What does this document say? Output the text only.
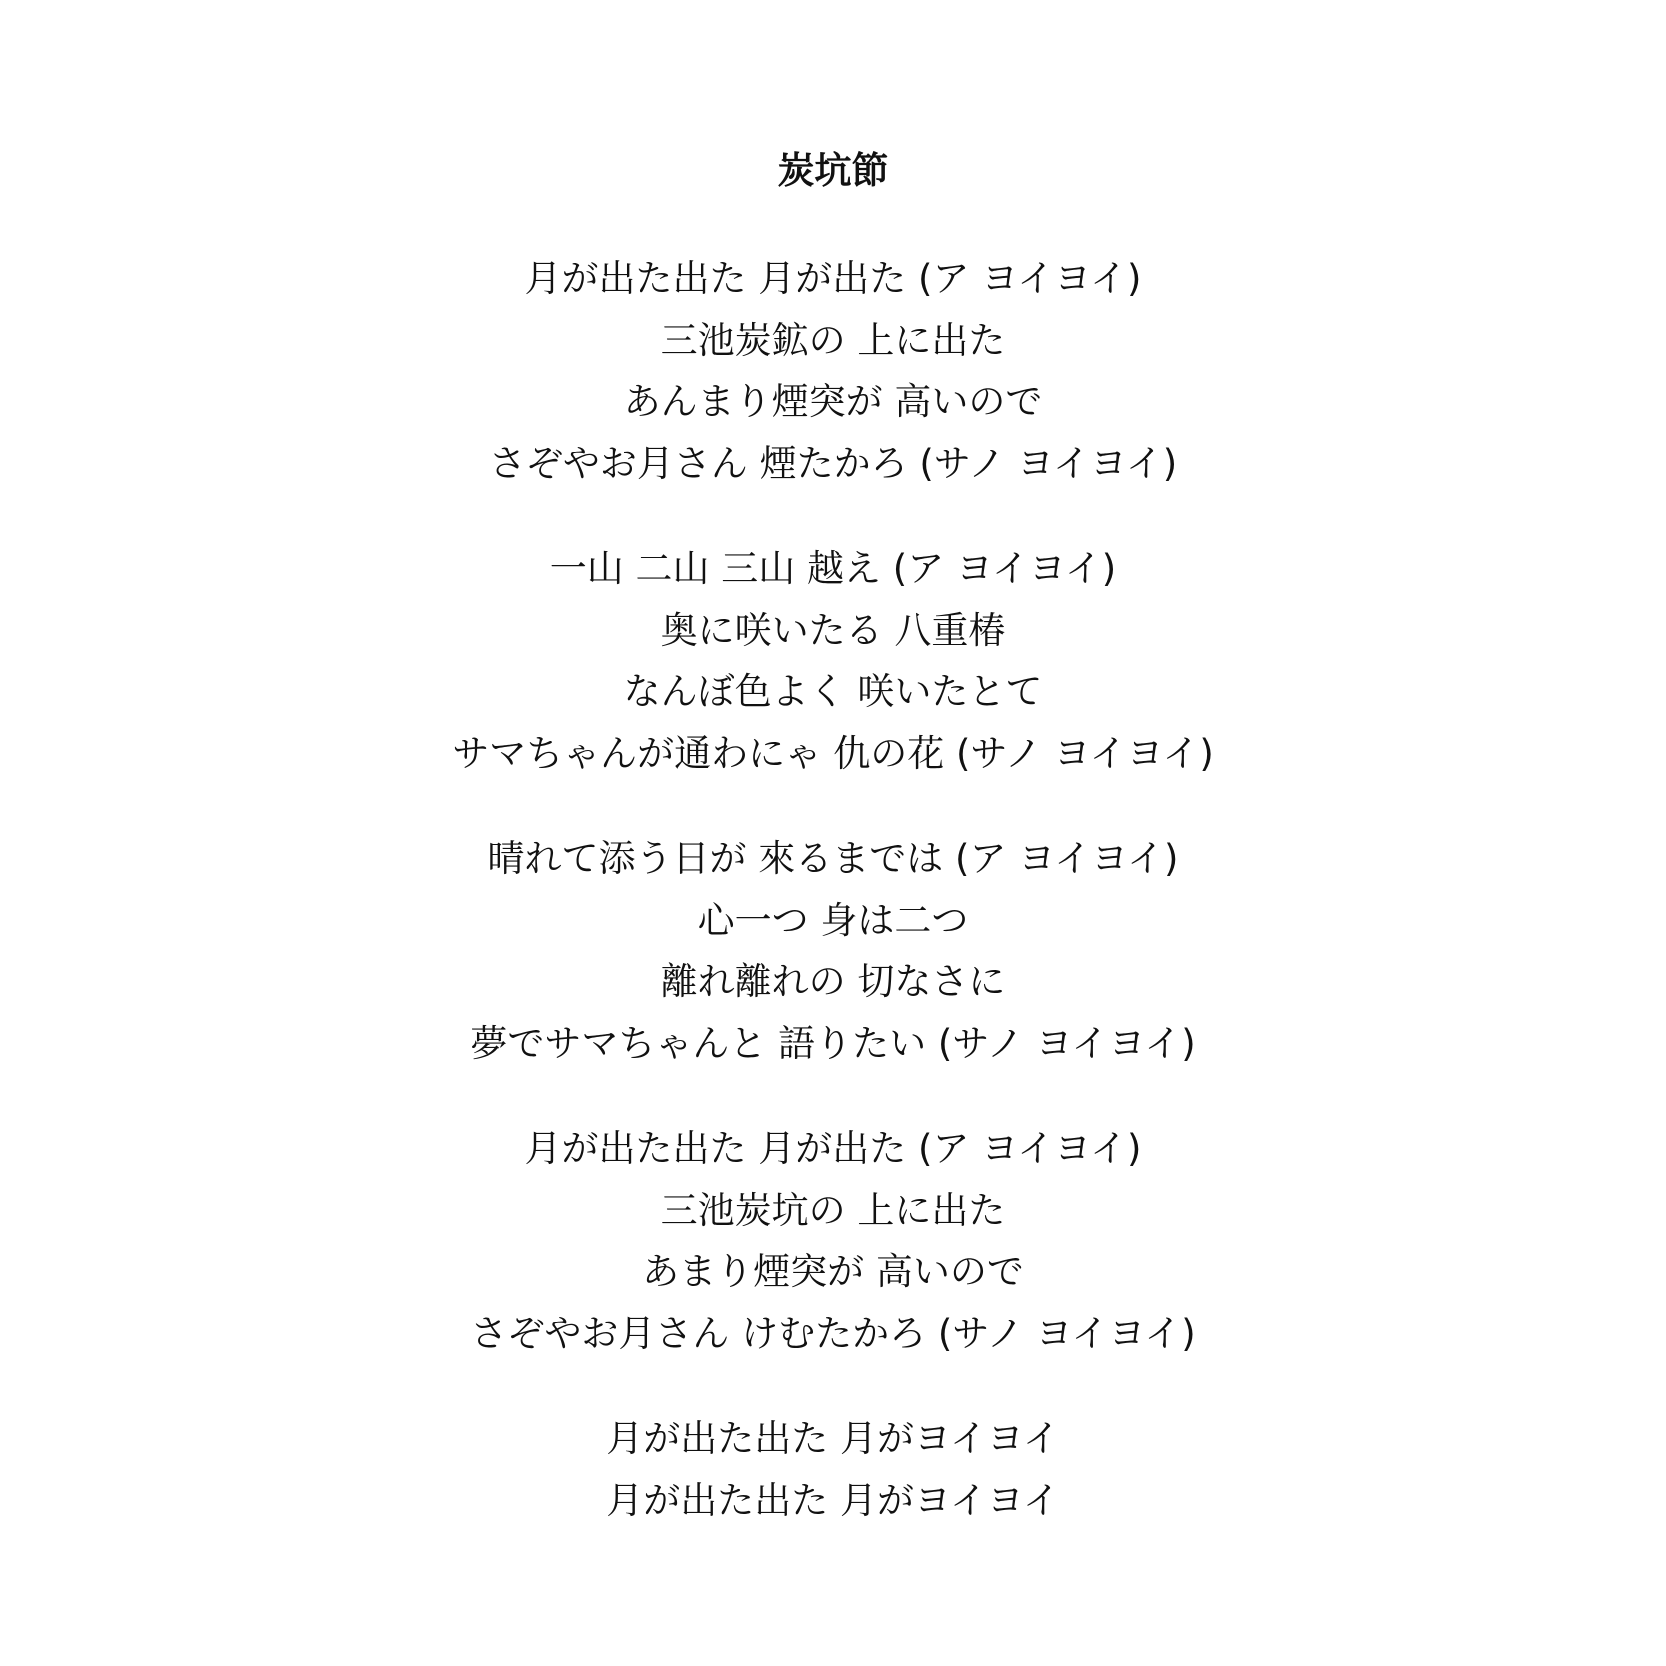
炭坑節
月が出た出た 月が出た (ア ヨイヨイ)
三池炭鉱の 上に出た
あんまり煙突が 高いので
さぞやお月さん 煙たかろ (サノ ヨイヨイ)
一山 二山 三山 越え (ア ヨイヨイ)
奥に咲いたる 八重椿
なんぼ色よく 咲いたとて
サマちゃんが通わにゃ 仇の花 (サノ ヨイヨイ)
晴れて添う日が 來るまでは (ア ヨイヨイ)
心一つ 身は二つ
離れ離れの 切なさに
夢でサマちゃんと 語りたい (サノ ヨイヨイ)
月が出た出た 月が出た (ア ヨイヨイ)
三池炭坑の 上に出た
あまり煙突が 高いので
さぞやお月さん けむたかろ (サノ ヨイヨイ)
月が出た出た 月がヨイヨイ
月が出た出た 月がヨイヨイ
